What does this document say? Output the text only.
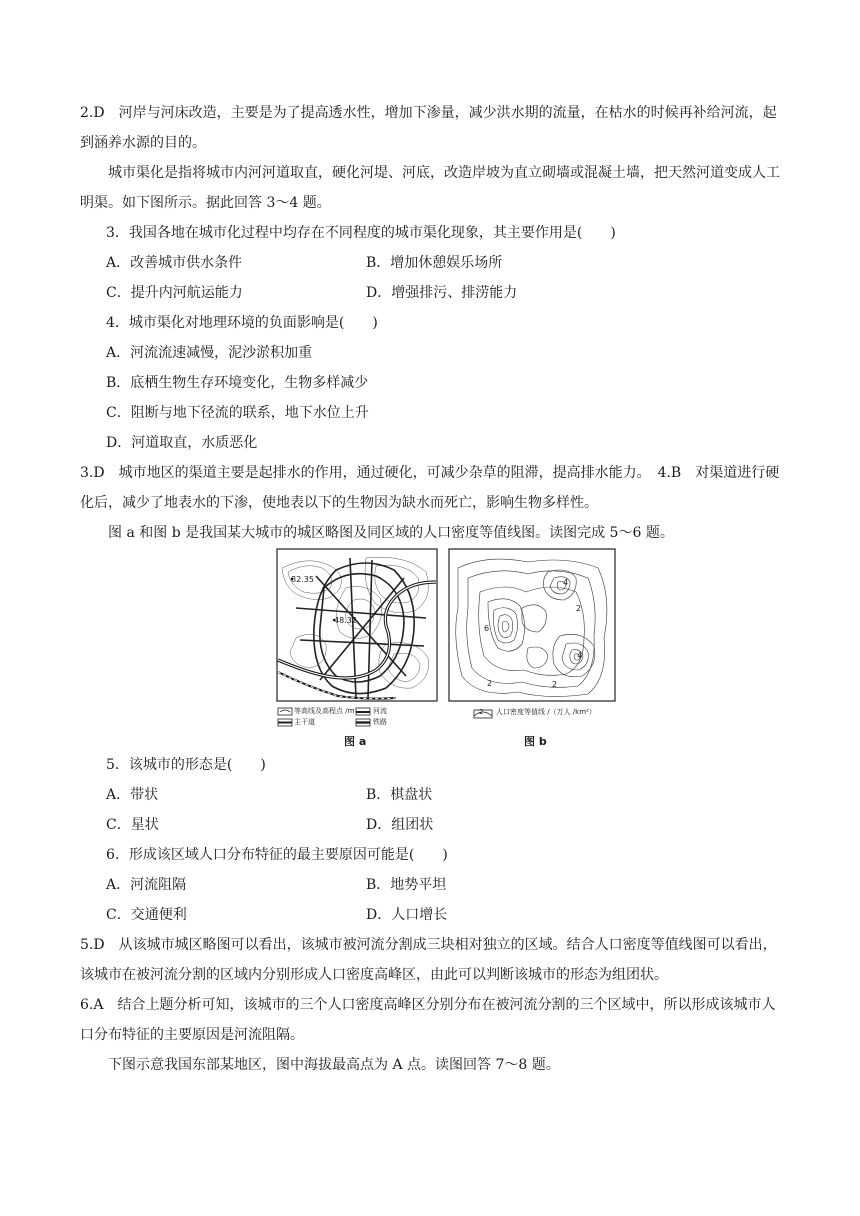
2.D　河岸与河床改造，主要是为了提高透水性，增加下渗量，减少洪水期的流量，在枯水的时候再补给河流，起到涵养水源的目的。

城市渠化是指将城市内河河道取直，硬化河堤、河底，改造岸坡为直立砌墙或混凝土墙，把天然河道变成人工明渠。如下图所示。据此回答 3～4 题。

3．我国各地在城市化过程中均存在不同程度的城市渠化现象，其主要作用是(　　)
A．改善城市供水条件	B．增加休憩娱乐场所
C．提升内河航运能力	D．增强排污、排涝能力
4．城市渠化对地理环境的负面影响是(　　)
A．河流流速减慢，泥沙淤积加重
B．底栖生物生存环境变化，生物多样减少
C．阻断与地下径流的联系，地下水位上升
D．河道取直，水质恶化

3.D　城市地区的渠道主要是起排水的作用，通过硬化，可减少杂草的阻滞，提高排水能力。　4.B　对渠道进行硬化后，减少了地表水的下渗，使地表以下的生物因为缺水而死亡，影响生物多样性。

图 a 和图 b 是我国某大城市的城区略图及同区域的人口密度等值线图。读图完成 5～6 题。

82.35
48.32
等高线及高程点 /m	河流
主干道	铁路
图 a
2
4
6
2	2
4
2 人口密度等值线 /（万人 /km²）
图 b
5．该城市的形态是(　　)
A．带状	B．棋盘状
C．星状	D．组团状
6．形成该区域人口分布特征的最主要原因可能是(　　)
A．河流阻隔	B．地势平坦
C．交通便利	D．人口增长

5.D　从该城市城区略图可以看出，该城市被河流分割成三块相对独立的区域。结合人口密度等值线图可以看出，该城市在被河流分割的区域内分别形成人口密度高峰区，由此可以判断该城市的形态为组团状。

6.A　结合上题分析可知，该城市的三个人口密度高峰区分别分布在被河流分割的三个区域中，所以形成该城市人口分布特征的主要原因是河流阻隔。

下图示意我国东部某地区，图中海拔最高点为 A 点。读图回答 7～8 题。
